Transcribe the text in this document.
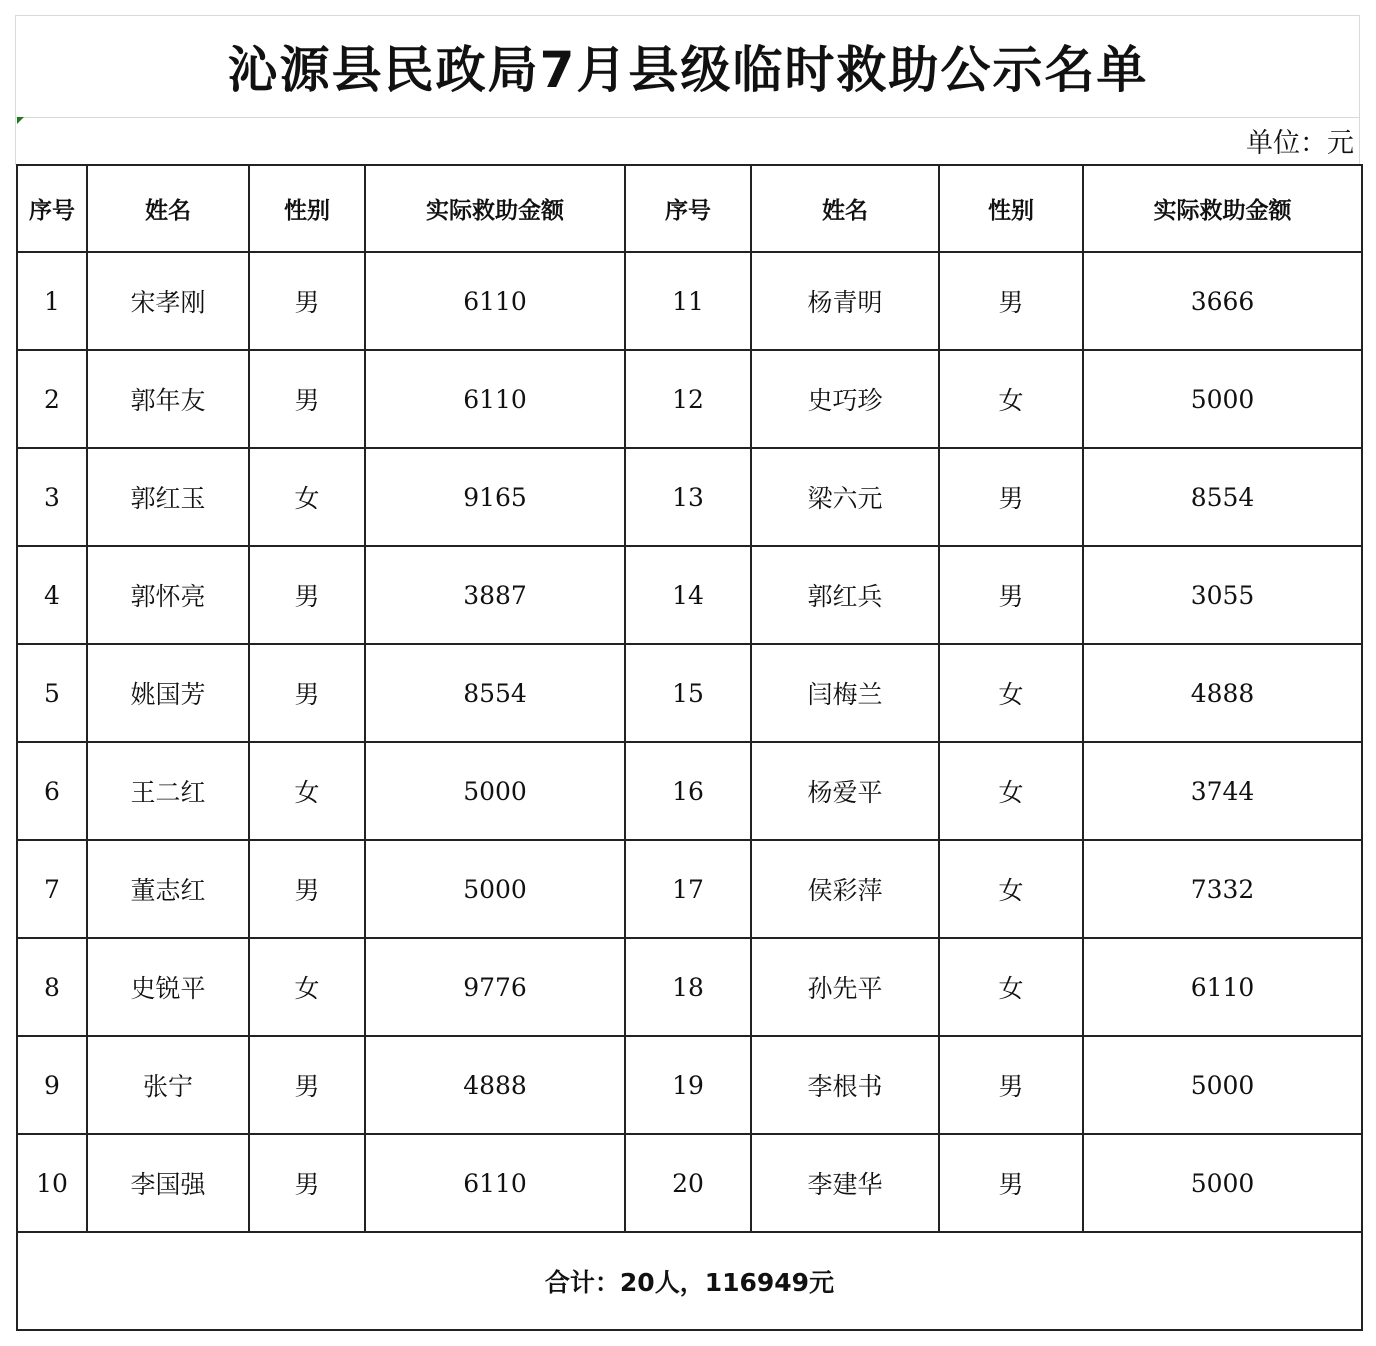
沁源县民政局7月县级临时救助公示名单
单位：元
序号	姓名	性别	实际救助金额	序号	姓名	性别	实际救助金额
1	宋孝刚	男	6110	11	杨青明	男	3666
2	郭年友	男	6110	12	史巧珍	女	5000
3	郭红玉	女	9165	13	梁六元	男	8554
4	郭怀亮	男	3887	14	郭红兵	男	3055
5	姚国芳	男	8554	15	闫梅兰	女	4888
6	王二红	女	5000	16	杨爱平	女	3744
7	董志红	男	5000	17	侯彩萍	女	7332
8	史锐平	女	9776	18	孙先平	女	6110
9	张宁	男	4888	19	李根书	男	5000
10	李国强	男	6110	20	李建华	男	5000
合计：20人，116949元							
